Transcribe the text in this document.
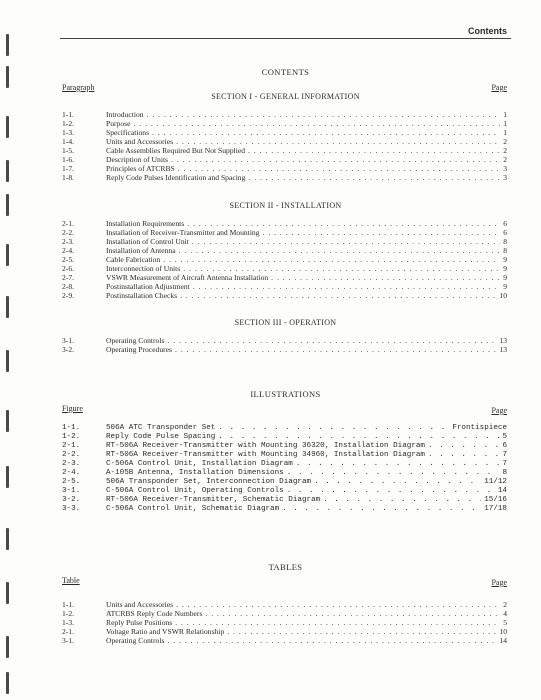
Contents
CONTENTS
Paragraph	Page
SECTION I - GENERAL INFORMATION
1-1.	Introduction . . .	1
1-2.	Purpose . . .	1
1-3.	Specifications . . .	1
1-4.	Units and Accessories . . .	2
1-5.	Cable Assemblies Required But Not Supplied . . .	2
1-6.	Description of Units . . .	2
1-7.	Principles of ATCRBS . . .	3
1-8.	Reply Code Pulses Identification and Spacing . . .	3
SECTION II - INSTALLATION
2-1.	Installation Requirements . . .	6
2-2.	Installation of Receiver-Transmitter and Mounting . . .	6
2-3.	Installation of Control Unit . . .	8
2-4.	Installation of Antenna . . .	8
2-5.	Cable Fabrication . . .	9
2-6.	Interconnection of Units . . .	9
2-7.	VSWR Measurement of Aircraft Antenna Installation . . .	9
2-8.	Postinstallation Adjustment . . .	9
2-9.	Postinstallation Checks . . .	10
SECTION III - OPERATION
3-1.	Operating Controls . . .	13
3-2.	Operating Procedures . . .	13
ILLUSTRATIONS
Figure	Page
1-1.	506A ATC Transponder Set . . .	Frontispiece
1-2.	Reply Code Pulse Spacing . . .	5
2-1.	RT-506A Receiver-Transmitter with Mounting 36320, Installation Diagram . . .	6
2-2.	RT-506A Receiver-Transmitter with Mounting 34960, Installation Diagram . . .	7
2-3.	C-506A Control Unit, Installation Diagram . . .	7
2-4.	A-105B Antenna, Installation Dimensions . . .	8
2-5.	506A Transponder Set, Interconnection Diagram . . .	11/12
3-1.	C-506A Control Unit, Operating Controls . . .	14
3-2.	RT-506A Receiver-Transmitter, Schematic Diagram . . .	15/16
3-3.	C-506A Control Unit, Schematic Diagram . . .	17/18
TABLES
Table	Page
1-1.	Units and Accessories . . .	2
1-2.	ATCRBS Reply Code Numbers . . .	4
1-3.	Reply Pulse Positions . . .	5
2-1.	Voltage Ratio and VSWR Relationship . . .	10
3-1.	Operating Controls . . .	14
